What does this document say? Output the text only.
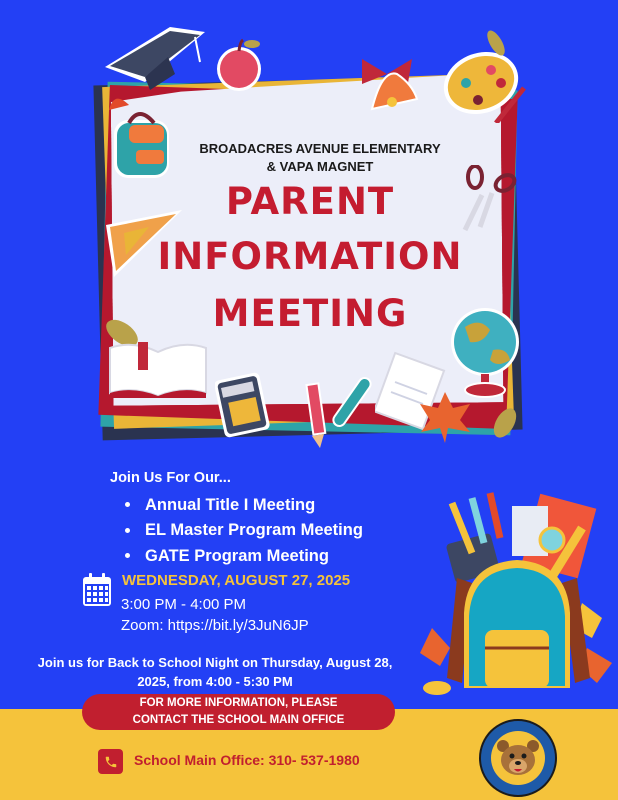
BROADACRES AVENUE ELEMENTARY
& VAPA MAGNET
PARENT
INFORMATION
MEETING
Join Us For Our...
Annual Title I Meeting
EL Master Program Meeting
GATE Program Meeting
WEDNESDAY, AUGUST 27, 2025
3:00 PM - 4:00 PM
Zoom: https://bit.ly/3JuN6JP
Join us for Back to School Night on Thursday, August 28,
2025, from 4:00 - 5:30 PM
FOR MORE INFORMATION, PLEASE
CONTACT THE SCHOOL MAIN OFFICE
School Main Office: 310- 537-1980
